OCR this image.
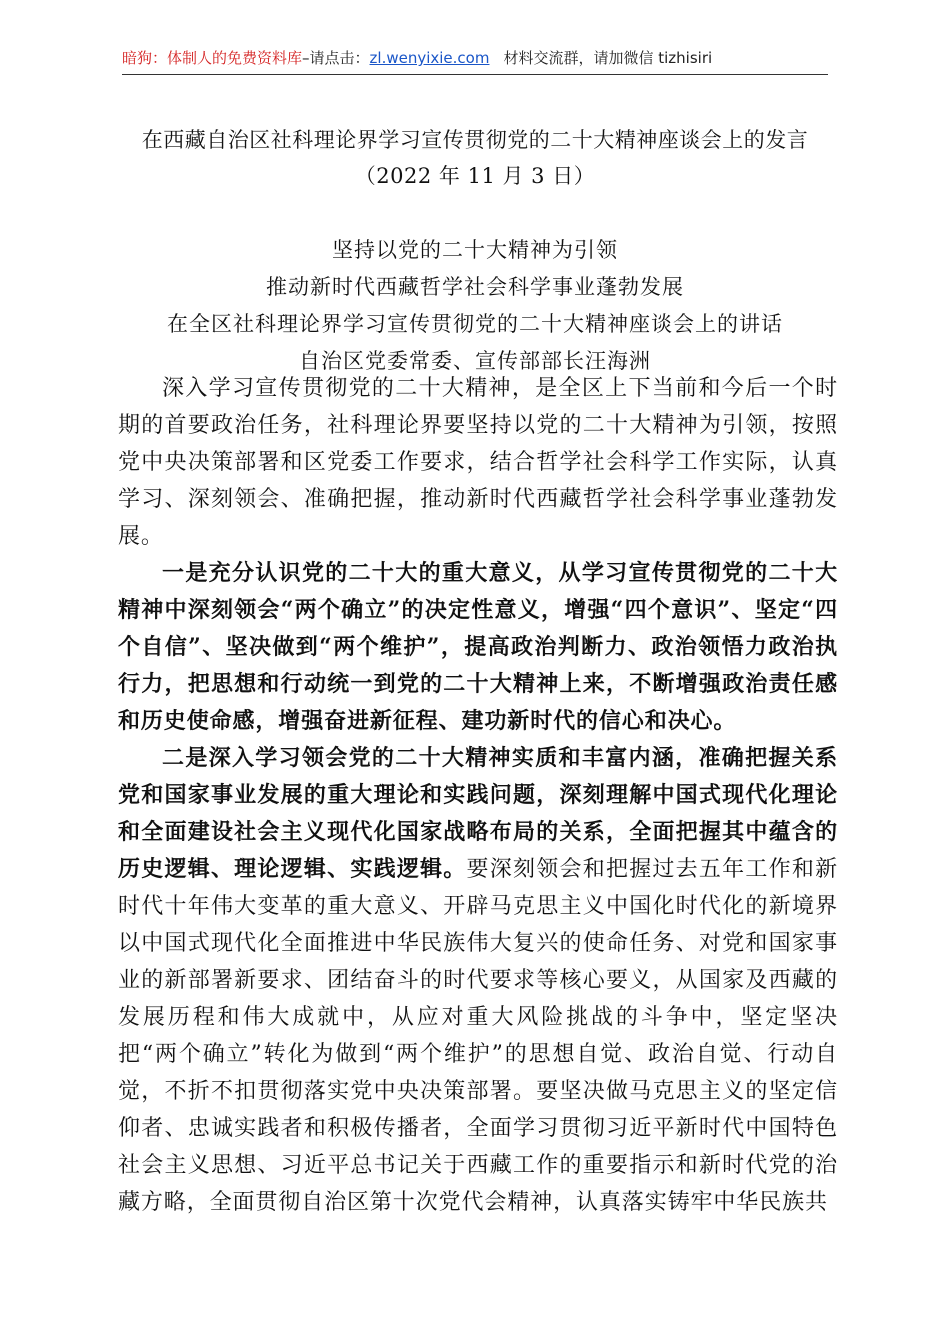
暗狗：体制人的免费资料库–请点击：zl.wenyixie.com 材料交流群，请加微信 tizhisiri
在西藏自治区社科理论界学习宣传贯彻党的二十大精神座谈会上的发言
（2022 年 11 月 3 日）
坚持以党的二十大精神为引领
推动新时代西藏哲学社会科学事业蓬勃发展
在全区社科理论界学习宣传贯彻党的二十大精神座谈会上的讲话
自治区党委常委、宣传部部长汪海洲

深入学习宣传贯彻党的二十大精神，是全区上下当前和今后一个时期的首要政治任务，社科理论界要坚持以党的二十大精神为引领，按照党中央决策部署和区党委工作要求，结合哲学社会科学工作实际，认真学习、深刻领会、准确把握，推动新时代西藏哲学社会科学事业蓬勃发展。

一是充分认识党的二十大的重大意义，从学习宣传贯彻党的二十大精神中深刻领会“两个确立”的决定性意义，增强“四个意识”、坚定“四个自信”、坚决做到“两个维护”，提高政治判断力、政治领悟力政治执行力，把思想和行动统一到党的二十大精神上来，不断增强政治责任感和历史使命感，增强奋进新征程、建功新时代的信心和决心。

二是深入学习领会党的二十大精神实质和丰富内涵，准确把握关系党和国家事业发展的重大理论和实践问题，深刻理解中国式现代化理论和全面建设社会主义现代化国家战略布局的关系，全面把握其中蕴含的历史逻辑、理论逻辑、实践逻辑。要深刻领会和把握过去五年工作和新时代十年伟大变革的重大意义、开辟马克思主义中国化时代化的新境界以中国式现代化全面推进中华民族伟大复兴的使命任务、对党和国家事业的新部署新要求、团结奋斗的时代要求等核心要义，从国家及西藏的发展历程和伟大成就中，从应对重大风险挑战的斗争中，坚定坚决把“两个确立”转化为做到“两个维护”的思想自觉、政治自觉、行动自觉，不折不扣贯彻落实党中央决策部署。要坚决做马克思主义的坚定信仰者、忠诚实践者和积极传播者，全面学习贯彻习近平新时代中国特色社会主义思想、习近平总书记关于西藏工作的重要指示和新时代党的治藏方略，全面贯彻自治区第十次党代会精神，认真落实铸牢中华民族共
